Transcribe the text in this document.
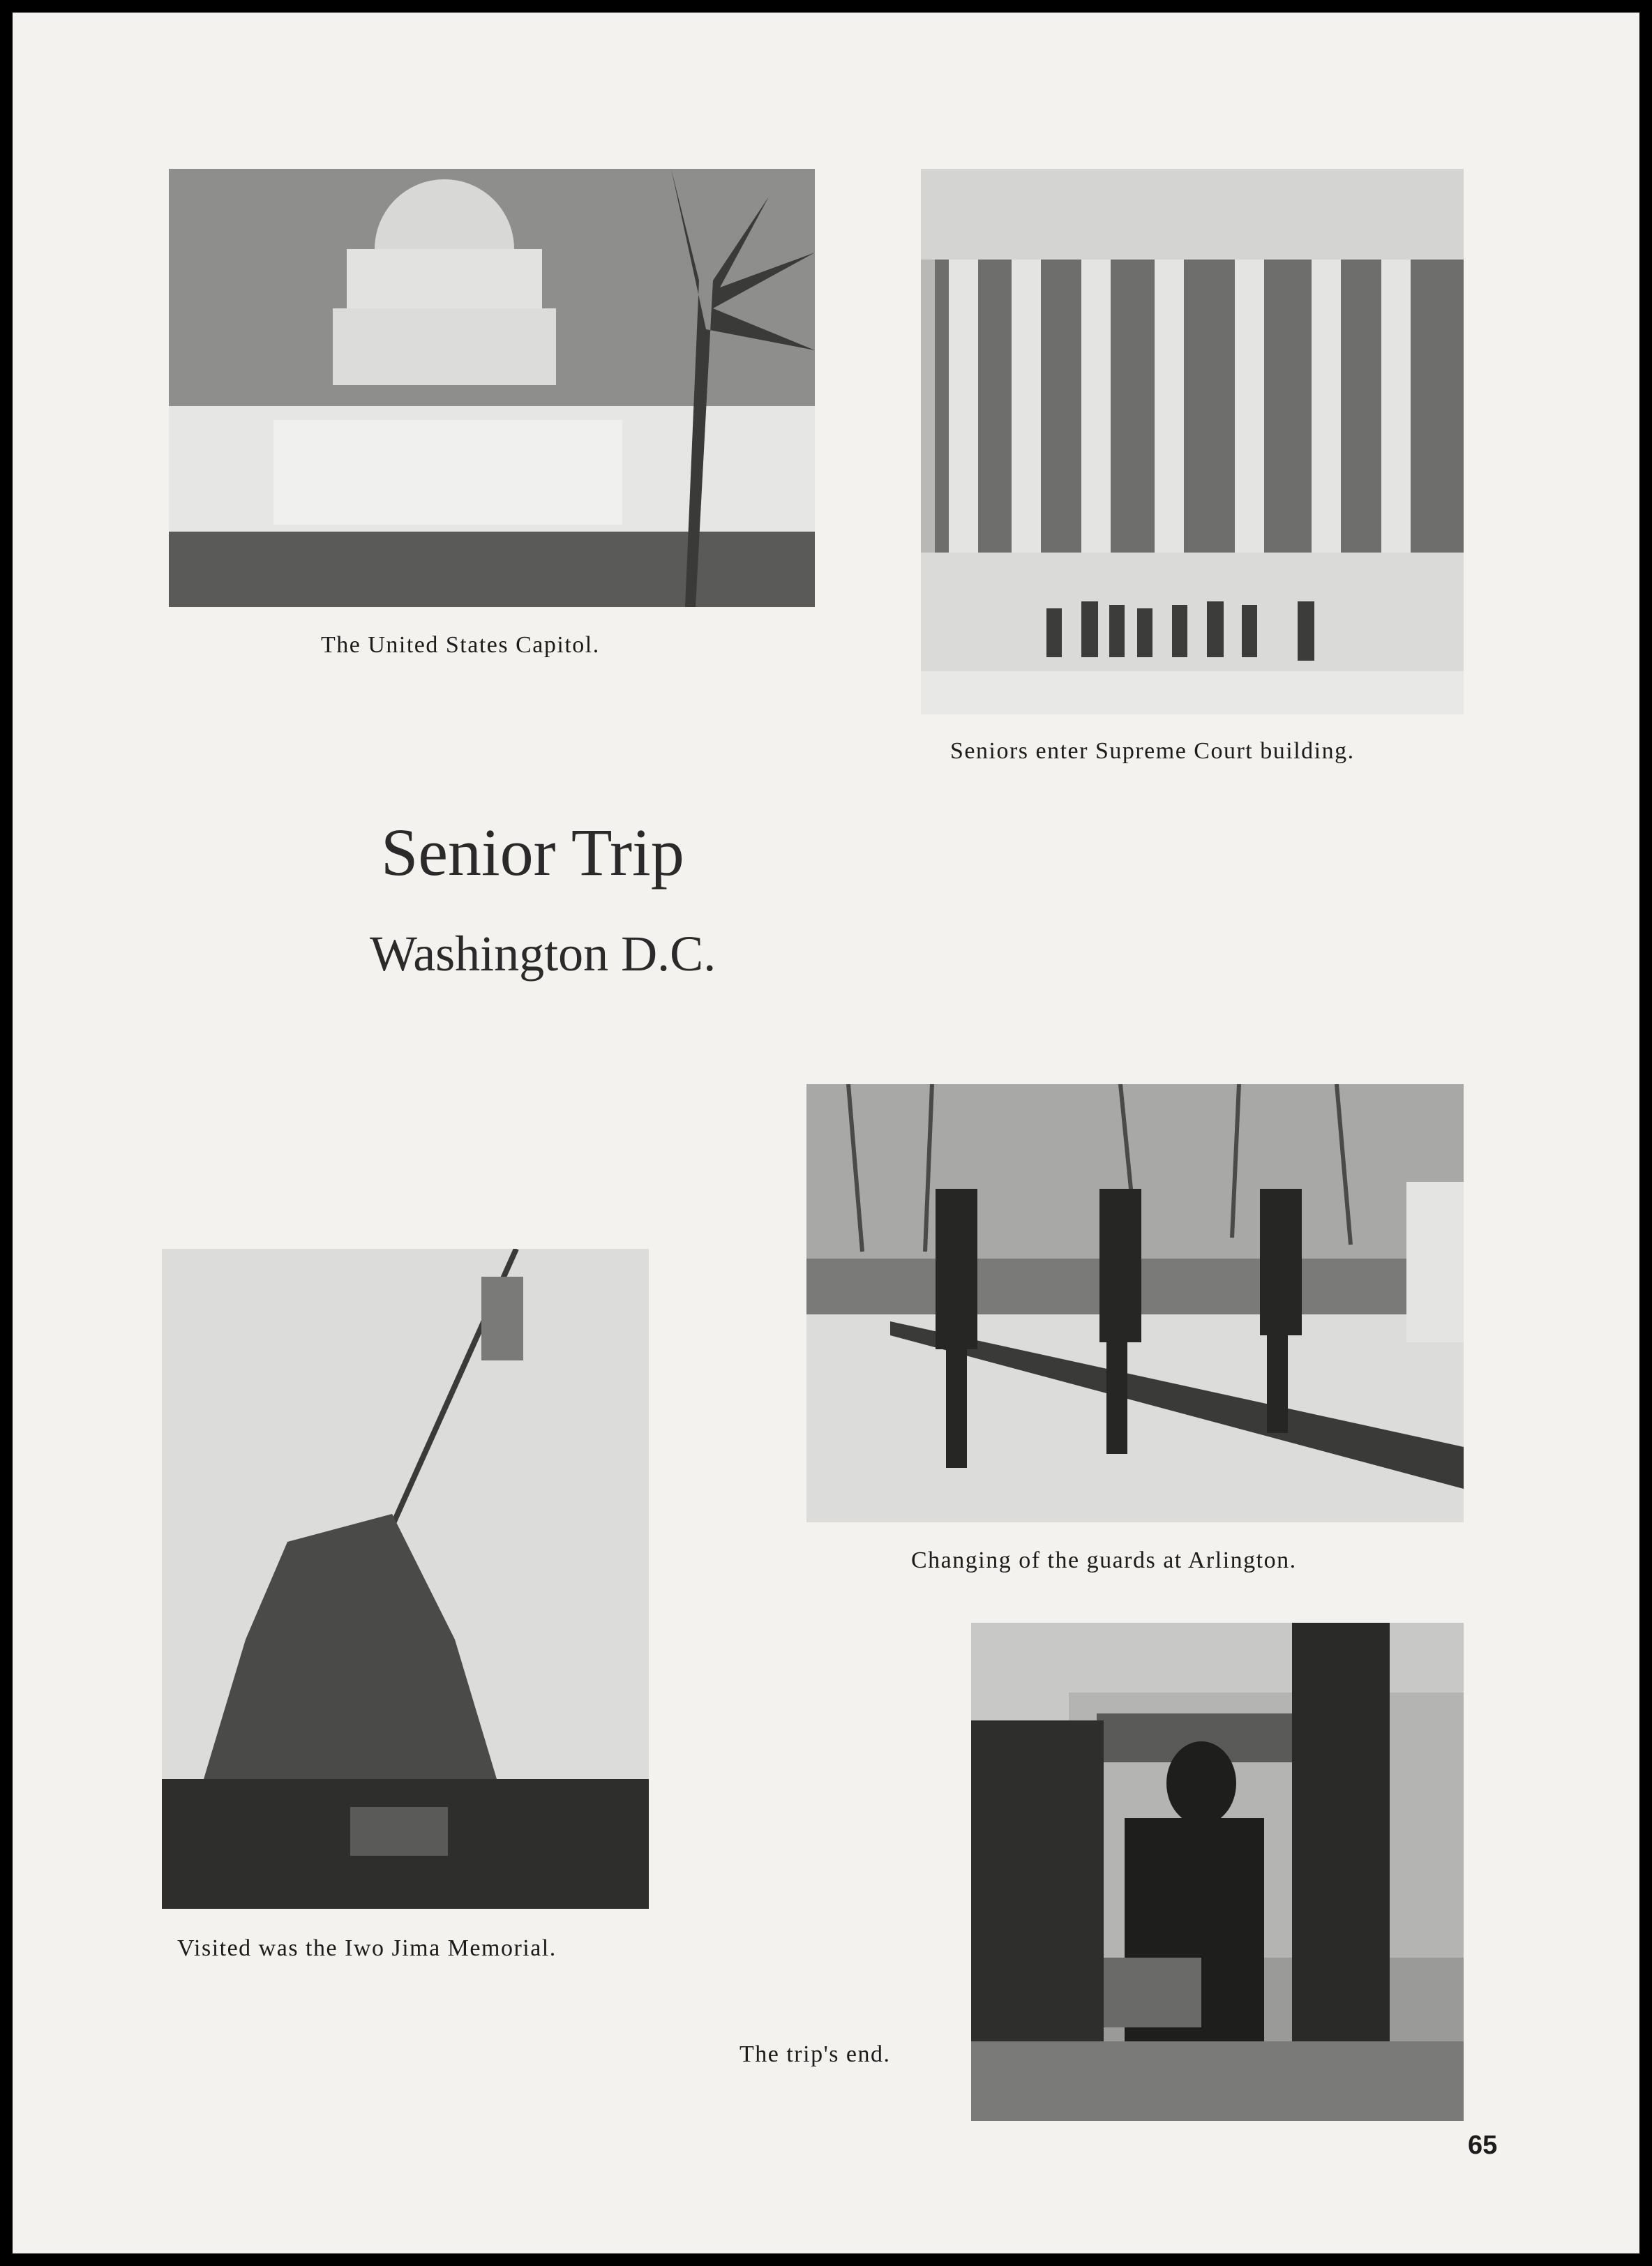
The United States Capitol.
Seniors enter Supreme Court building.
Senior Trip
Washington D.C.
Changing of the guards at Arlington.
Visited was the Iwo Jima Memorial.
The trip's end.
65
